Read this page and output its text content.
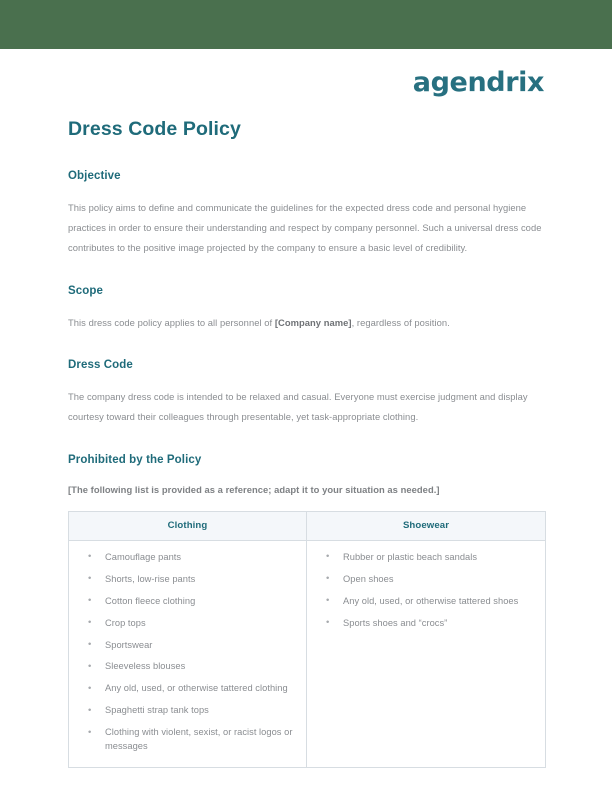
agendrix
Dress Code Policy
Objective

This policy aims to define and communicate the guidelines for the expected dress code and personal hygiene practices in order to ensure their understanding and respect by company personnel. Such a universal dress code contributes to the positive image projected by the company to ensure a basic level of credibility.

Scope

This dress code policy applies to all personnel of [Company name], regardless of position.

Dress Code

The company dress code is intended to be relaxed and casual. Everyone must exercise judgment and display courtesy toward their colleagues through presentable, yet task-appropriate clothing.

Prohibited by the Policy

[The following list is provided as a reference; adapt it to your situation as needed.]

Clothing	Shoewear

• Camouflage pants
• Shorts, low-rise pants
• Cotton fleece clothing
• Crop tops
• Sportswear
• Sleeveless blouses
• Any old, used, or otherwise tattered clothing
• Spaghetti strap tank tops
• Clothing with violent, sexist, or racist logos or messages

• Rubber or plastic beach sandals
• Open shoes
• Any old, used, or otherwise tattered shoes
• Sports shoes and “crocs”
